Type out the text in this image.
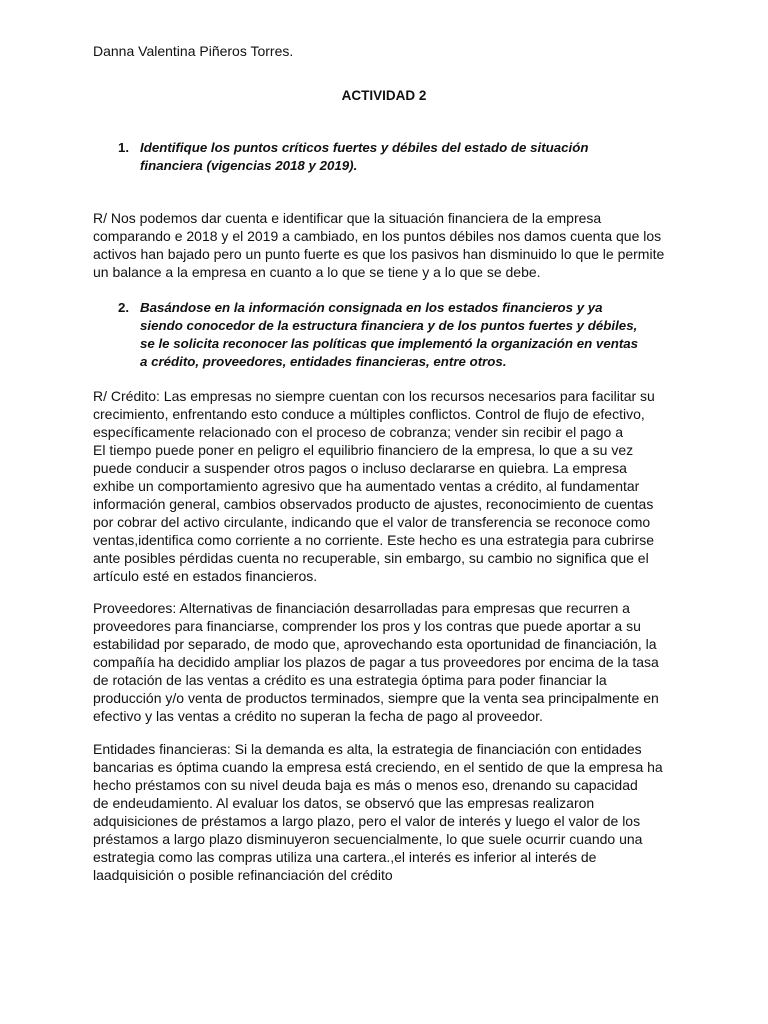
Danna Valentina Piñeros Torres.
ACTIVIDAD 2
1. Identifique los puntos críticos fuertes y débiles del estado de situación
financiera (vigencias 2018 y 2019).
R/ Nos podemos dar cuenta e identificar que la situación financiera de la empresa
comparando e 2018 y el 2019 a cambiado, en los puntos débiles nos damos cuenta que los
activos han bajado pero un punto fuerte es que los pasivos han disminuido lo que le permite
un balance a la empresa en cuanto a lo que se tiene y a lo que se debe.
2. Basándose en la información consignada en los estados financieros y ya
siendo conocedor de la estructura financiera y de los puntos fuertes y débiles,
se le solicita reconocer las políticas que implementó la organización en ventas
a crédito, proveedores, entidades financieras, entre otros.
R/ Crédito: Las empresas no siempre cuentan con los recursos necesarios para facilitar su
crecimiento, enfrentando esto conduce a múltiples conflictos. Control de flujo de efectivo,
específicamente relacionado con el proceso de cobranza; vender sin recibir el pago a
El tiempo puede poner en peligro el equilibrio financiero de la empresa, lo que a su vez
puede conducir a suspender otros pagos o incluso declararse en quiebra. La empresa
exhibe un comportamiento agresivo que ha aumentado ventas a crédito, al fundamentar
información general, cambios observados producto de ajustes, reconocimiento de cuentas
por cobrar del activo circulante, indicando que el valor de transferencia se reconoce como
ventas,identifica como corriente a no corriente. Este hecho es una estrategia para cubrirse
ante posibles pérdidas cuenta no recuperable, sin embargo, su cambio no significa que el
artículo esté en estados financieros.
Proveedores: Alternativas de financiación desarrolladas para empresas que recurren a
proveedores para financiarse, comprender los pros y los contras que puede aportar a su
estabilidad por separado, de modo que, aprovechando esta oportunidad de financiación, la
compañía ha decidido ampliar los plazos de pagar a tus proveedores por encima de la tasa
de rotación de las ventas a crédito es una estrategia óptima para poder financiar la
producción y/o venta de productos terminados, siempre que la venta sea principalmente en
efectivo y las ventas a crédito no superan la fecha de pago al proveedor.
Entidades financieras: Si la demanda es alta, la estrategia de financiación con entidades
bancarias es óptima cuando la empresa está creciendo, en el sentido de que la empresa ha
hecho préstamos con su nivel deuda baja es más o menos eso, drenando su capacidad
de endeudamiento. Al evaluar los datos, se observó que las empresas realizaron
adquisiciones de préstamos a largo plazo, pero el valor de interés y luego el valor de los
préstamos a largo plazo disminuyeron secuencialmente, lo que suele ocurrir cuando una
estrategia como las compras utiliza una cartera.,el interés es inferior al interés de
laadquisición o posible refinanciación del crédito
